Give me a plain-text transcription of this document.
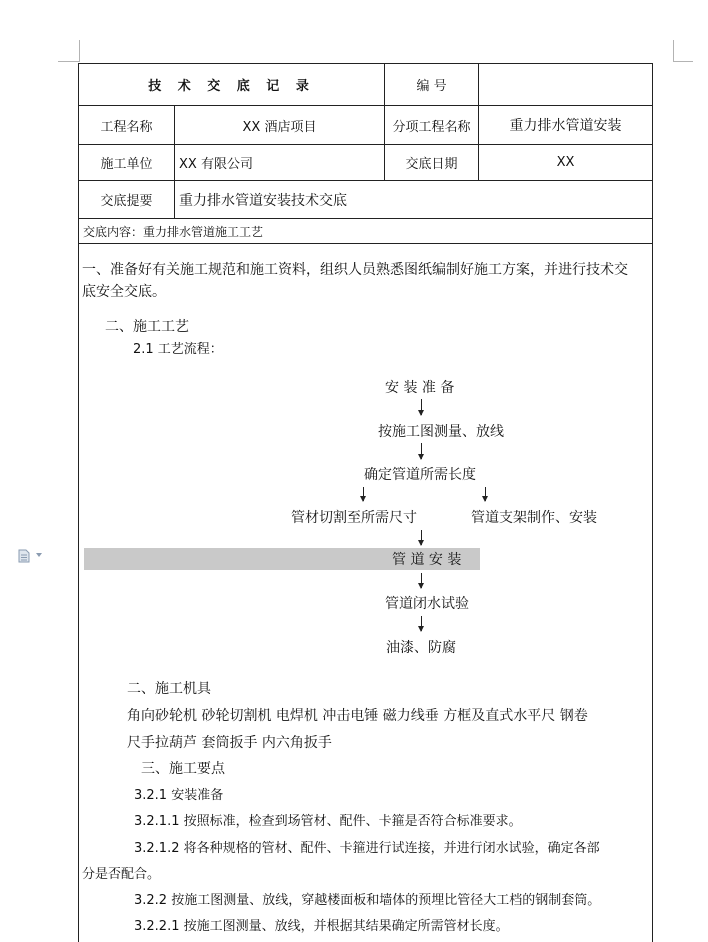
技 术 交 底 记 录		编 号	
工程名称	XX 酒店项目	分项工程名称	重力排水管道安装
施工单位	XX 有限公司	交底日期	XX
交底提要	重力排水管道安装技术交底		
交底内容：重力排水管道施工工艺			
一、准备好有关施工规范和施工资料，组织人员熟悉图纸编制好施工方案，并进行技术交
底安全交底。
二、施工工艺
2.1 工艺流程：
安 装 准 备
按施工图测量、放线
确定管道所需长度
管材切割至所需尺寸	管道支架制作、安装
管 道 安 装
管道闭水试验
油漆、防腐
二、施工机具
角向砂轮机 砂轮切割机 电焊机 冲击电锤 磁力线垂 方框及直式水平尺 钢卷
尺手拉葫芦 套筒扳手 内六角扳手
三、施工要点
3.2.1 安装准备
3.2.1.1 按照标准，检查到场管材、配件、卡箍是否符合标准要求。
3.2.1.2 将各种规格的管材、配件、卡箍进行试连接，并进行闭水试验，确定各部
分是否配合。
3.2.2 按施工图测量、放线，穿越楼面板和墙体的预埋比管径大工档的钢制套筒。
3.2.2.1 按施工图测量、放线，并根据其结果确定所需管材长度。
